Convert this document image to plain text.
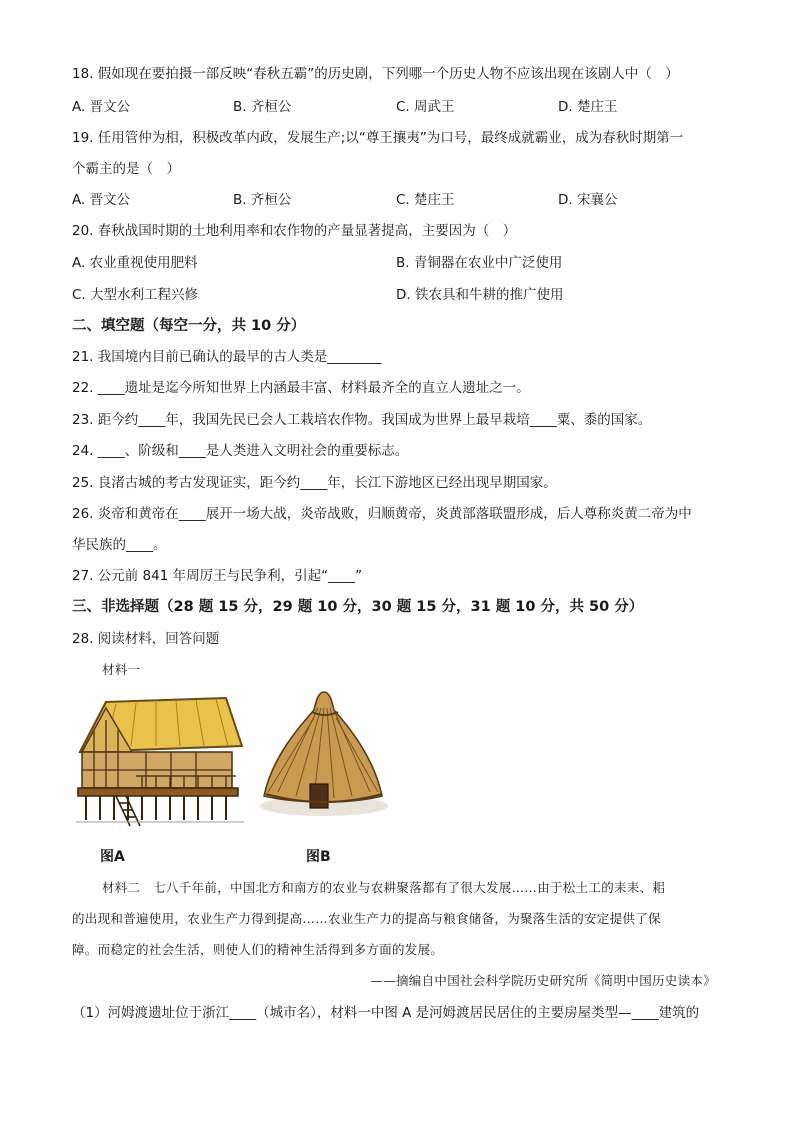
18. 假如现在要拍摄一部反映“春秋五霸”的历史剧，下列哪一个历史人物不应该出现在该剧人中（　）
A. 晋文公	B. 齐桓公	C. 周武王	D. 楚庄王
19. 任用管仲为相，积极改革内政，发展生产;以“尊王攘夷”为口号，最终成就霸业，成为春秋时期第一
个霸主的是（　）
A. 晋文公	B. 齐桓公	C. 楚庄王	D. 宋襄公
20. 春秋战国时期的土地利用率和农作物的产量显著提高，主要因为（　）
A. 农业重视使用肥料	B. 青铜器在农业中广泛使用
C. 大型水利工程兴修	D. 铁农具和牛耕的推广使用
二、填空题（每空一分，共 10 分）
21. 我国境内目前已确认的最早的古人类是________
22. ____遗址是迄今所知世界上内涵最丰富、材料最齐全的直立人遗址之一。
23. 距今约____年，我国先民已会人工栽培农作物。我国成为世界上最早栽培____粟、黍的国家。
24. ____、阶级和____是人类进入文明社会的重要标志。
25. 良渚古城的考古发现证实，距今约____年，长江下游地区已经出现早期国家。
26. 炎帝和黄帝在____展开一场大战，炎帝战败，归顺黄帝，炎黄部落联盟形成，后人尊称炎黄二帝为中
华民族的____。
27. 公元前 841 年周厉王与民争利，引起“____”
三、非选择题（28 题 15 分，29 题 10 分，30 题 15 分，31 题 10 分，共 50 分）
28. 阅读材料，回答问题
材料一
图A	图B
材料二　七八千年前，中国北方和南方的农业与农耕聚落都有了很大发展……由于松土工的耒耒、耜
的出现和普遍使用，农业生产力得到提高……农业生产力的提高与粮食储备，为聚落生活的安定提供了保
障。而稳定的社会生活，则使人们的精神生活得到多方面的发展。
——摘编自中国社会科学院历史研究所《简明中国历史读本》
（1）河姆渡遗址位于浙江____（城市名），材料一中图 A 是河姆渡居民居住的主要房屋类型—____建筑的
